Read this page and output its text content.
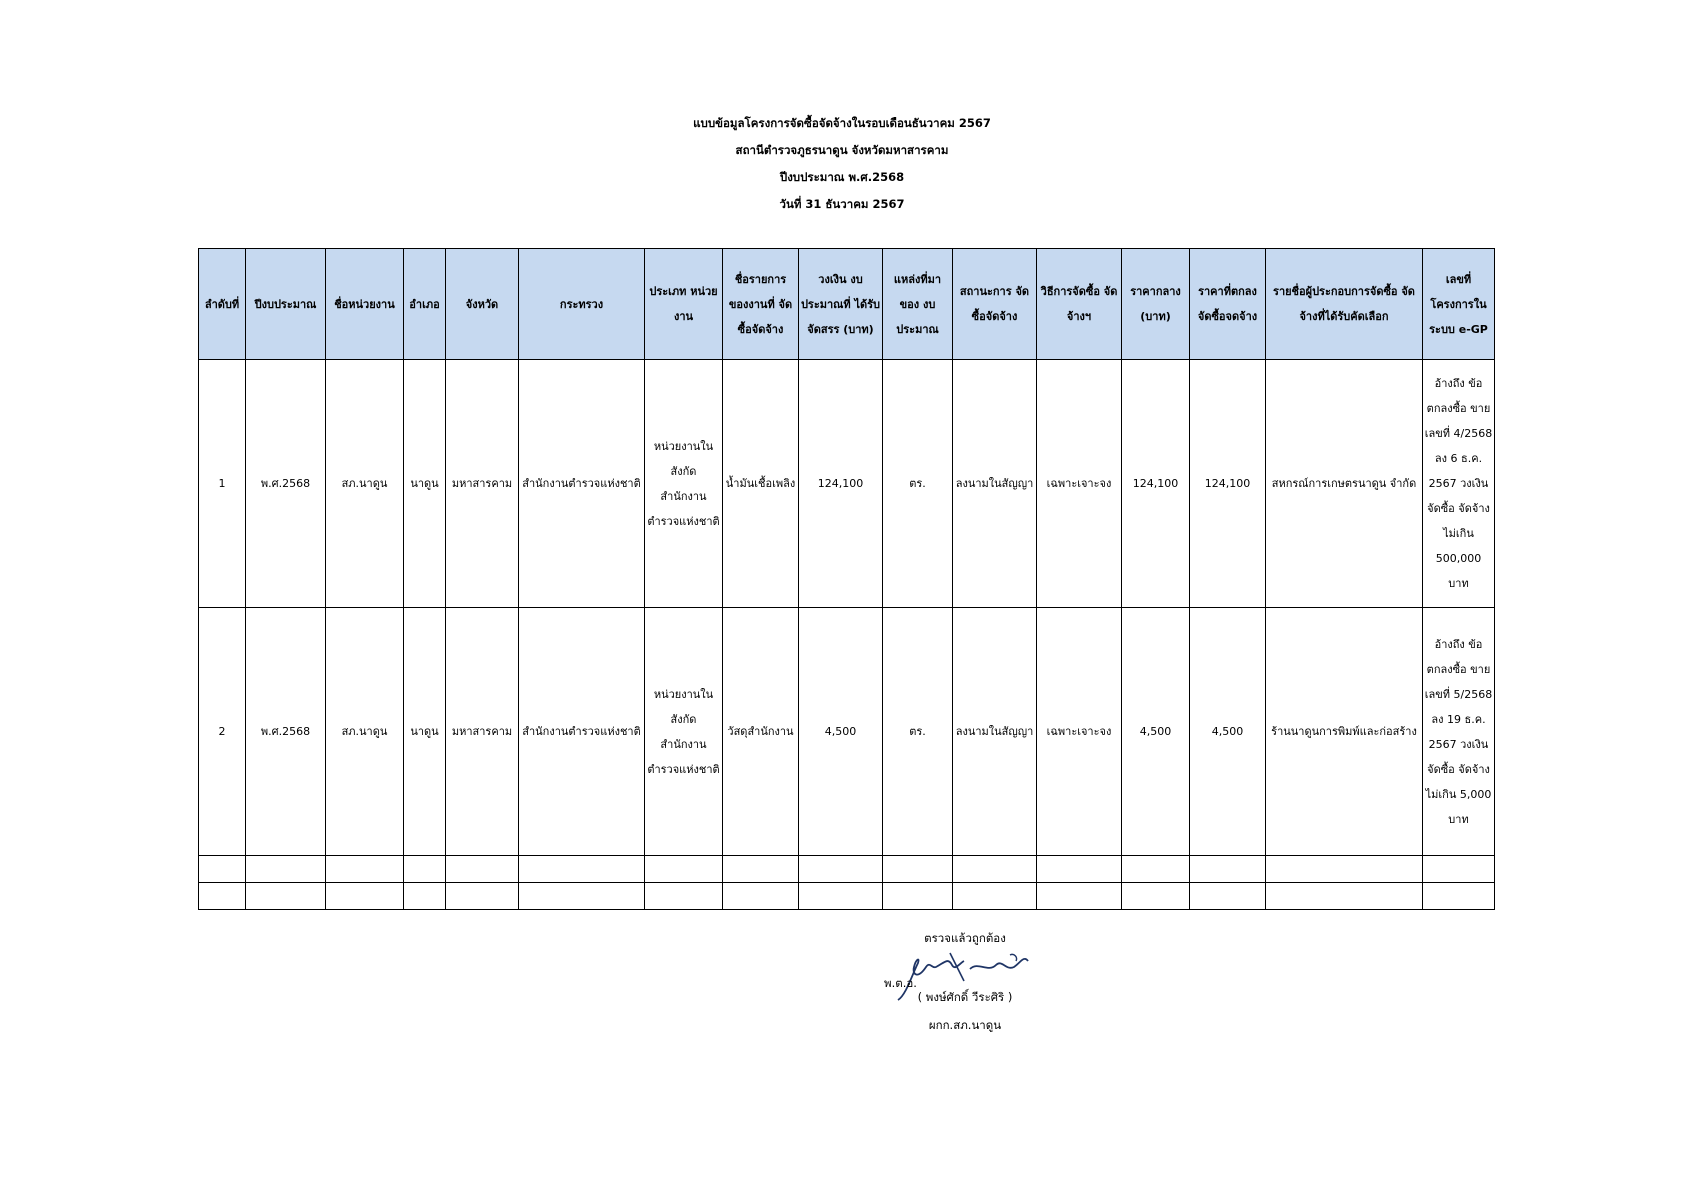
แบบข้อมูลโครงการจัดซื้อจัดจ้างในรอบเดือนธันวาคม 2567
สถานีตำรวจภูธรนาดูน จังหวัดมหาสารคาม
ปีงบประมาณ พ.ศ.2568
วันที่ 31 ธันวาคม 2567
ลำดับที่	ปีงบประมาณ	ชื่อหน่วยงาน	อำเภอ	จังหวัด	กระทรวง	ประเภท หน่วยงาน	ชื่อรายการ ของงานที่ จัดซื้อจัดจ้าง	วงเงิน งบประมาณที่ ได้รับจัดสรร (บาท)	แหล่งที่มา ของ งบประมาณ	สถานะการ จัดซื้อจัดจ้าง	วิธีการจัดซื้อ จัดจ้างฯ	ราคากลาง (บาท)	ราคาที่ตกลง จัดซื้อจดจ้าง	รายชื่อผู้ประกอบการจัดซื้อ จัดจ้างที่ได้รับคัดเลือก	เลขที่ โครงการใน ระบบ e-GP
1	พ.ศ.2568	สภ.นาดูน	นาดูน	มหาสารคาม	สำนักงานตำรวจแห่งชาติ	หน่วยงานใน สังกัด สำนักงาน ตำรวจแห่งชาติ	น้ำมันเชื้อเพลิง	124,100	ตร.	ลงนามในสัญญา	เฉพาะเจาะจง	124,100	124,100	สหกรณ์การเกษตรนาดูน จำกัด	อ้างถึง ข้อตกลงซื้อ ขาย เลขที่ 4/2568 ลง 6 ธ.ค. 2567 วงเงินจัดซื้อ จัดจ้างไม่เกิน 500,000 บาท
2	พ.ศ.2568	สภ.นาดูน	นาดูน	มหาสารคาม	สำนักงานตำรวจแห่งชาติ	หน่วยงานใน สังกัด สำนักงาน ตำรวจแห่งชาติ	วัสดุสำนักงาน	4,500	ตร.	ลงนามในสัญญา	เฉพาะเจาะจง	4,500	4,500	ร้านนาดูนการพิมพ์และก่อสร้าง	อ้างถึง ข้อตกลงซื้อ ขาย เลขที่ 5/2568 ลง 19 ธ.ค. 2567 วงเงินจัดซื้อ จัดจ้างไม่เกิน 5,000 บาท

ตรวจแล้วถูกต้อง
พ.ต.อ.
( พงษ์ศักดิ์ วีระศิริ )
ผกก.สภ.นาดูน
